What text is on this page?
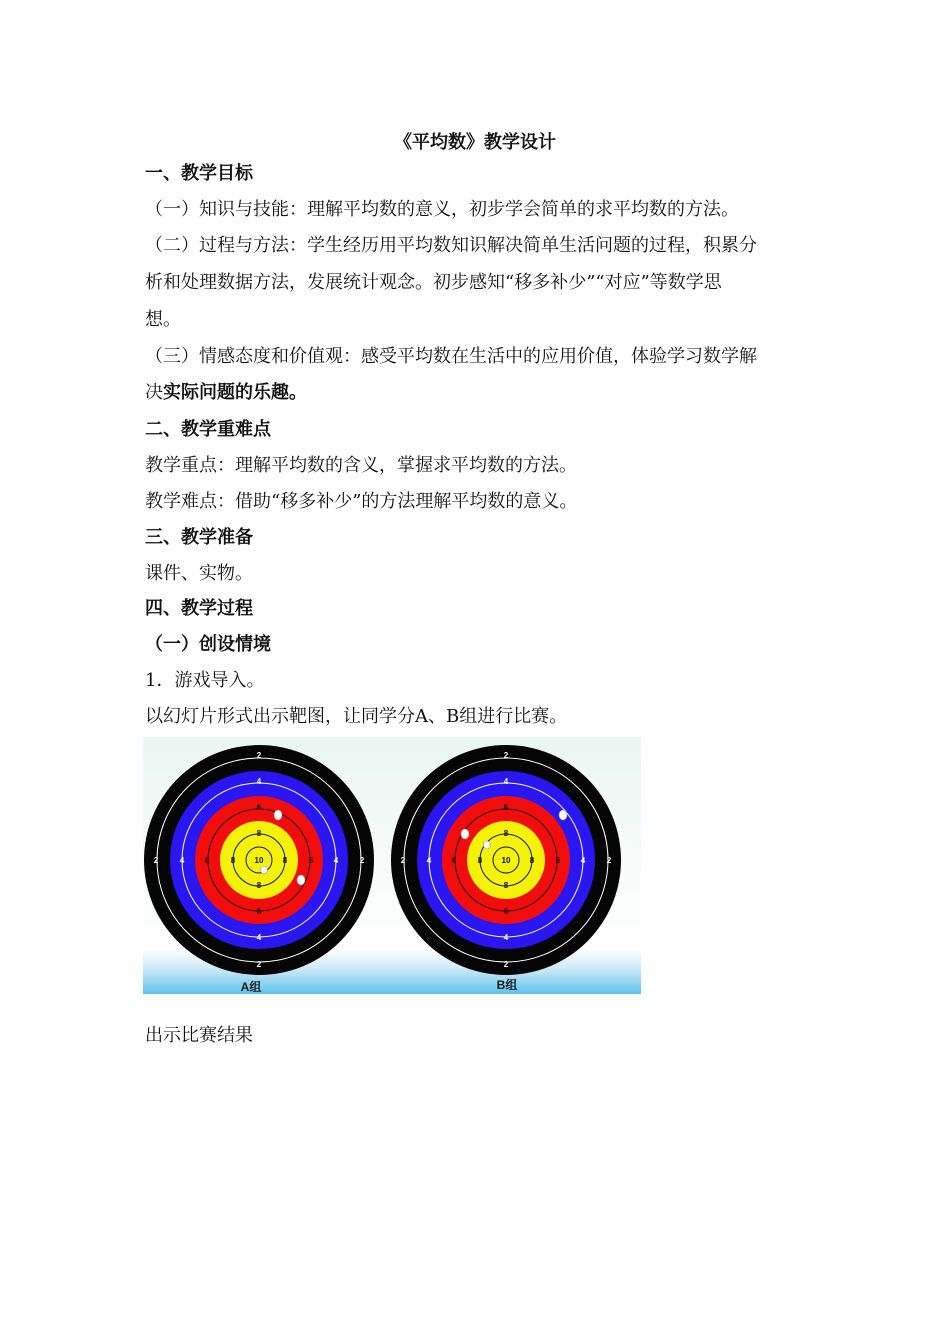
《平均数》教学设计
一、教学目标
（一）知识与技能：理解平均数的意义，初步学会简单的求平均数的方法。
（二）过程与方法：学生经历用平均数知识解决简单生活问题的过程，积累分
析和处理数据方法，发展统计观念。初步感知“移多补少”“对应”等数学思
想。
（三）情感态度和价值观：感受平均数在生活中的应用价值，体验学习数学解
决实际问题的乐趣。
二、教学重难点
教学重点：理解平均数的含义，掌握求平均数的方法。
教学难点：借助“移多补少”的方法理解平均数的意义。
三、教学准备
课件、实物。
四、教学过程
（一）创设情境
1．游戏导入。
以幻灯片形式出示靶图，让同学分A、B组进行比赛。
2
2
2	2
4
4
4	4
6
6
6	6
8
8
8	8
10
2
2
2	2
4
4
4	4
6
6
6	6
8
8
8	8
10
A组	B组
出示比赛结果
